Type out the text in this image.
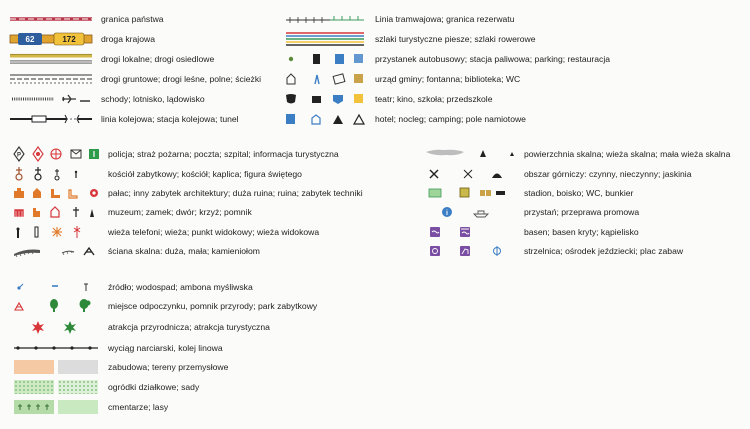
granica państwa
62	172	droga krajowa
drogi lokalne; drogi osiedlowe
drogi gruntowe; drogi leśne, polne; ścieżki
schody; lotnisko, lądowisko
linia kolejowa; stacja kolejowa; tunel
Linia tramwajowa; granica rezerwatu
szlaki turystyczne piesze; szlaki rowerowe
przystanek autobusowy; stacja paliwowa; parking; restauracja
urząd gminy; fontanna; biblioteka; WC
teatr; kino, szkoła; przedszkole
hotel; nocleg; camping; pole namiotowe
P	I policja; straż pożarna; poczta; szpital; informacja turystyczna
kościół zabytkowy; kościół; kaplica; figura świętego
pałac; inny zabytek architektury; duża ruina; ruina; zabytek techniki
muzeum; zamek; dwór; krzyż; pomnik
wieża telefoni; wieża; punkt widokowy; wieża widokowa
ściana skalna: duża, mała; kamieniołom
powierzchnia skalna; wieża skalna; mała wieża skalna
obszar górniczy: czynny, nieczynny; jaskinia
stadion, boisko; WC, bunkier
i	przystań; przeprawa promowa
basen; basen kryty; kąpielisko
strzelnica; ośrodek jeździecki; plac zabaw
źródło; wodospad; ambona myśliwska
miejsce odpoczynku, pomnik przyrody; park zabytkowy
atrakcja przyrodnicza; atrakcja turystyczna
wyciąg narciarski, kolej linowa
zabudowa; tereny przemysłowe
ogródki działkowe; sady
cmentarze; lasy
